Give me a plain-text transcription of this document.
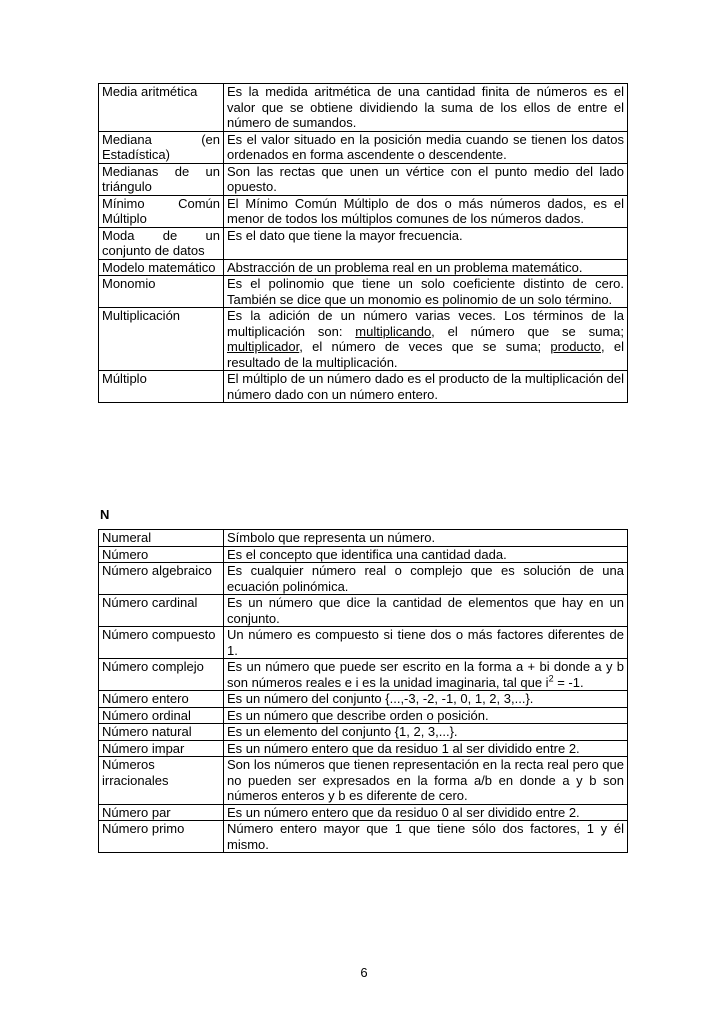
Media aritmética	Es la medida aritmética de una cantidad finita de números es el valor que se obtiene dividiendo la suma de los ellos de entre el número de sumandos.
Mediana (en Estadística)	Es el valor situado en la posición media cuando se tienen los datos ordenados en forma ascendente o descendente.
Medianas de un triángulo	Son las rectas que unen un vértice con el punto medio del lado opuesto.
Mínimo Común Múltiplo	El Mínimo Común Múltiplo de dos o más números dados, es el menor de todos los múltiplos comunes de los números dados.
Moda de un conjunto de datos	Es el dato que tiene la mayor frecuencia.
Modelo matemático	Abstracción de un problema real en un problema matemático.
Monomio	Es el polinomio que tiene un solo coeficiente distinto de cero. También se dice que un monomio es polinomio de un solo término.
Multiplicación	Es la adición de un número varias veces. Los términos de la multiplicación son: multiplicando, el número que se suma; multiplicador, el número de veces que se suma; producto, el resultado de la multiplicación.
Múltiplo	El múltiplo de un número dado es el producto de la multiplicación del número dado con un número entero.
N
Numeral	Símbolo que representa un número.
Número	Es el concepto que identifica una cantidad dada.
Número algebraico	Es cualquier número real o complejo que es solución de una ecuación polinómica.
Número cardinal	Es un número que dice la cantidad de elementos que hay en un conjunto.
Número compuesto	Un número es compuesto si tiene dos o más factores diferentes de 1.
Número complejo	Es un número que puede ser escrito en la forma a + bi donde a y b son números reales e i es la unidad imaginaria, tal que $i^2 = -1$.
Número entero	Es un número del conjunto {...,-3, -2, -1, 0, 1, 2, 3,...}.
Número ordinal	Es un número que describe orden o posición.
Número natural	Es un elemento del conjunto {1, 2, 3,...}.
Número impar	Es un número entero que da residuo 1 al ser dividido entre 2.
Números irracionales	Son los números que tienen representación en la recta real pero que no pueden ser expresados en la forma a/b en donde a y b son números enteros y b es diferente de cero.
Número par	Es un número entero que da residuo 0 al ser dividido entre 2.
Número primo	Número entero mayor que 1 que tiene sólo dos factores, 1 y él mismo.
6
